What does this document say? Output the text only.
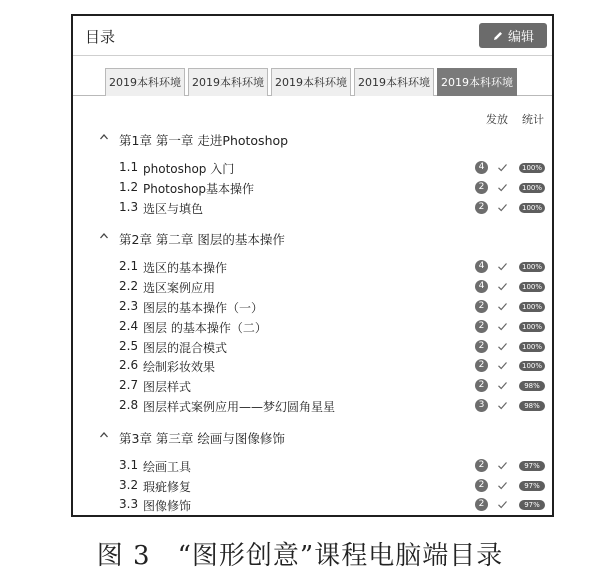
目录	编辑
2019本科环境	2019本科环境	2019本科环境	2019本科环境	2019本科环境
发放 统计
第1章 第一章 走进Photoshop
1.1 photoshop 入门	4	100%
1.2 Photoshop基本操作	2	100%
1.3 选区与填色	2	100%
第2章 第二章 图层的基本操作
2.1 选区的基本操作	4	100%
2.2 选区案例应用	4	100%
2.3 图层的基本操作（一）	2	100%
2.4 图层 的基本操作（二）	2	100%
2.5 图层的混合模式	2	100%
2.6 绘制彩妆效果	2	100%
2.7 图层样式	2	98%
2.8 图层样式案例应用——梦幻圆角星星	3	98%
第3章 第三章 绘画与图像修饰
3.1 绘画工具	2	97%
3.2 瑕疵修复	2	97%
3.3 图像修饰	2	97%
图 3　“图形创意”课程电脑端目录
